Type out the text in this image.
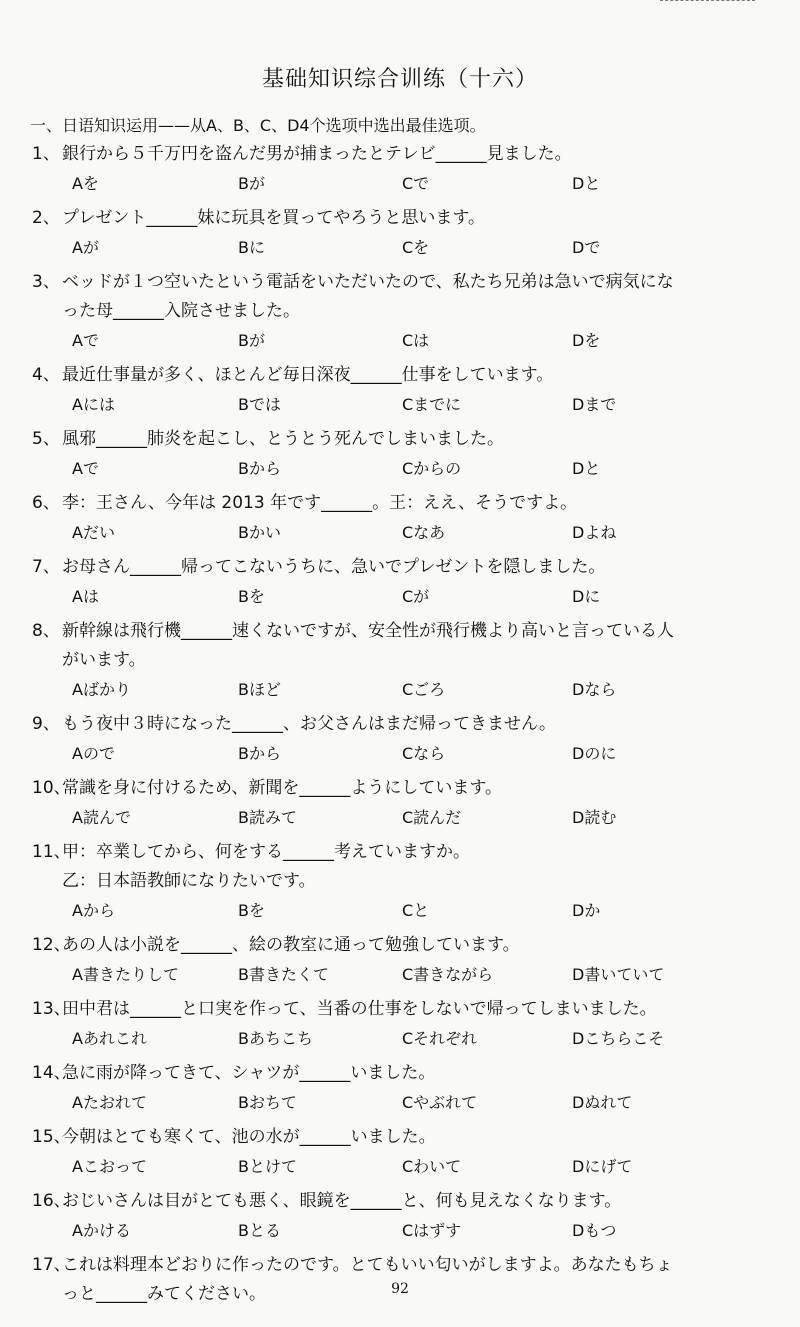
基础知识综合训练（十六）
一、日语知识运用——从A、B、C、D4个选项中选出最佳选项。
1、 銀行から５千万円を盗んだ男が捕まったとテレビ______見ました。
Aを	Bが	Cで	Dと
2、 プレゼント______妹に玩具を買ってやろうと思います。
Aが	Bに	Cを	Dで
3、 ベッドが１つ空いたという電話をいただいたので、私たち兄弟は急いで病気にな
った母______入院させました。
Aで	Bが	Cは	Dを
4、 最近仕事量が多く、ほとんど毎日深夜______仕事をしています。
Aには	Bでは	Cまでに	Dまで
5、 風邪______肺炎を起こし、とうとう死んでしまいました。
Aで	Bから	Cからの	Dと
6、 李：王さん、今年は 2013 年です______。王：ええ、そうですよ。
Aだい	Bかい	Cなあ	Dよね
7、 お母さん______帰ってこないうちに、急いでプレゼントを隠しました。
Aは	Bを	Cが	Dに
8、 新幹線は飛行機______速くないですが、安全性が飛行機より高いと言っている人
がいます。
Aばかり	Bほど	Cごろ	Dなら
9、 もう夜中３時になった______、お父さんはまだ帰ってきません。
Aので	Bから	Cなら	Dのに
10、
常識を身に付けるため、新聞を______ようにしています。
A読んで	B読みて	C読んだ	D読む
11、
甲：卒業してから、何をする______考えていますか。
乙：日本語教師になりたいです。
Aから	Bを	Cと	Dか
12、
あの人は小説を______、絵の教室に通って勉強しています。
A書きたりして	B書きたくて	C書きながら	D書いていて
13、
田中君は______と口実を作って、当番の仕事をしないで帰ってしまいました。
Aあれこれ	Bあちこち	Cそれぞれ	Dこちらこそ
14、
急に雨が降ってきて、シャツが______いました。
Aたおれて	Bおちて	Cやぶれて	Dぬれて
15、
今朝はとても寒くて、池の水が______いました。
Aこおって	Bとけて	Cわいて	Dにげて
16、
おじいさんは目がとても悪く、眼鏡を______と、何も見えなくなります。
Aかける	Bとる	Cはずす	Dもつ
17、
これは料理本どおりに作ったのです。とてもいい匂いがしますよ。あなたもちょ
っと______みてください。	92
